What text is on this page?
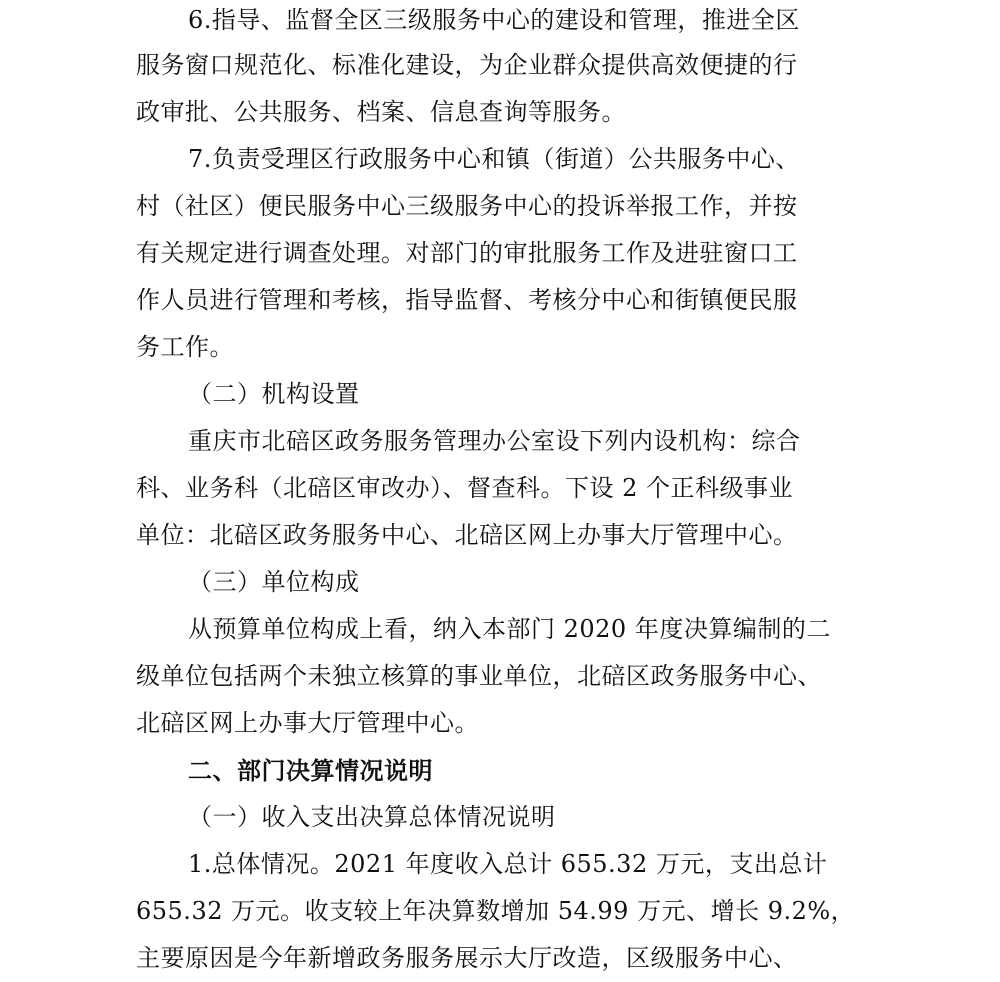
6.指导、监督全区三级服务中心的建设和管理，推进全区
服务窗口规范化、标准化建设，为企业群众提供高效便捷的行
政审批、公共服务、档案、信息查询等服务。
7.负责受理区行政服务中心和镇（街道）公共服务中心、
村（社区）便民服务中心三级服务中心的投诉举报工作，并按
有关规定进行调查处理。对部门的审批服务工作及进驻窗口工
作人员进行管理和考核，指导监督、考核分中心和街镇便民服
务工作。
（二）机构设置
重庆市北碚区政务服务管理办公室设下列内设机构：综合
科、业务科（北碚区审改办）、督查科。下设 2 个正科级事业
单位：北碚区政务服务中心、北碚区网上办事大厅管理中心。
（三）单位构成
从预算单位构成上看，纳入本部门 2020 年度决算编制的二
级单位包括两个未独立核算的事业单位，北碚区政务服务中心、
北碚区网上办事大厅管理中心。
二、部门决算情况说明
（一）收入支出决算总体情况说明
1.总体情况。2021 年度收入总计 655.32 万元，支出总计
655.32 万元。收支较上年决算数增加 54.99 万元、增长 9.2%，
主要原因是今年新增政务服务展示大厅改造，区级服务中心、
